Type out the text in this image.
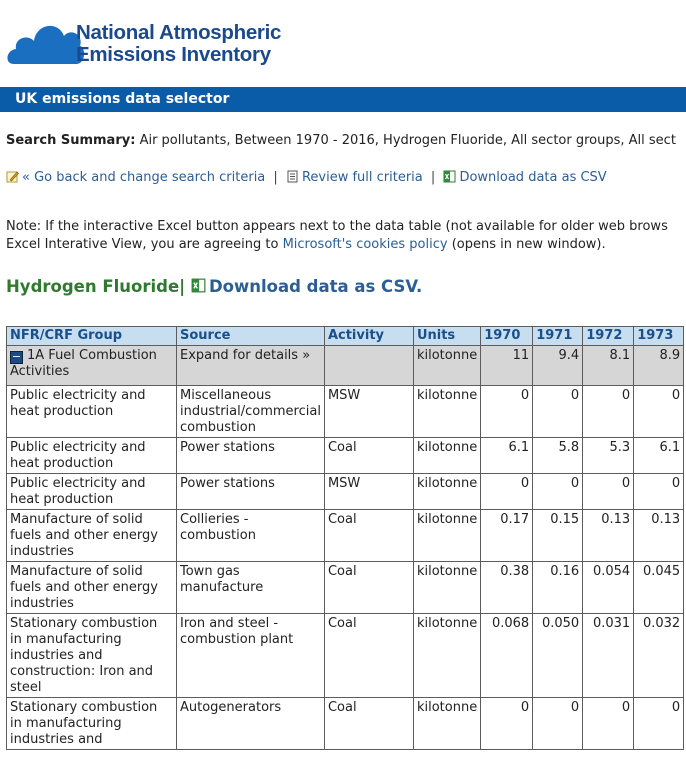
National Atmospheric
Emissions Inventory
UK emissions data selector
Search Summary: Air pollutants, Between 1970 - 2016, Hydrogen Fluoride, All sector groups, All sect
« Go back and change search criteria | Review full criteria | Download data as CSV
Note: If the interactive Excel button appears next to the data table (not available for older web brows
Excel Interative View, you are agreeing to Microsoft's cookies policy (opens in new window).
Hydrogen Fluoride| Download data as CSV.
NFR/CRF Group	Source	Activity	Units	1970	1971	1972	1973
− 1A Fuel Combustion Activities	Expand for details »		kilotonne	11	9.4	8.1	8.9
Public electricity and heat production	Miscellaneous industrial/commercial combustion	MSW	kilotonne	0	0	0	0
Public electricity and heat production	Power stations	Coal	kilotonne	6.1	5.8	5.3	6.1
Public electricity and heat production	Power stations	MSW	kilotonne	0	0	0	0
Manufacture of solid fuels and other energy industries	Collieries - combustion	Coal	kilotonne	0.17	0.15	0.13	0.13
Manufacture of solid fuels and other energy industries	Town gas manufacture	Coal	kilotonne	0.38	0.16	0.054	0.045
Stationary combustion in manufacturing industries and construction: Iron and steel	Iron and steel - combustion plant	Coal	kilotonne	0.068	0.050	0.031	0.032
Stationary combustion in manufacturing industries and	Autogenerators	Coal	kilotonne	0	0	0	0
